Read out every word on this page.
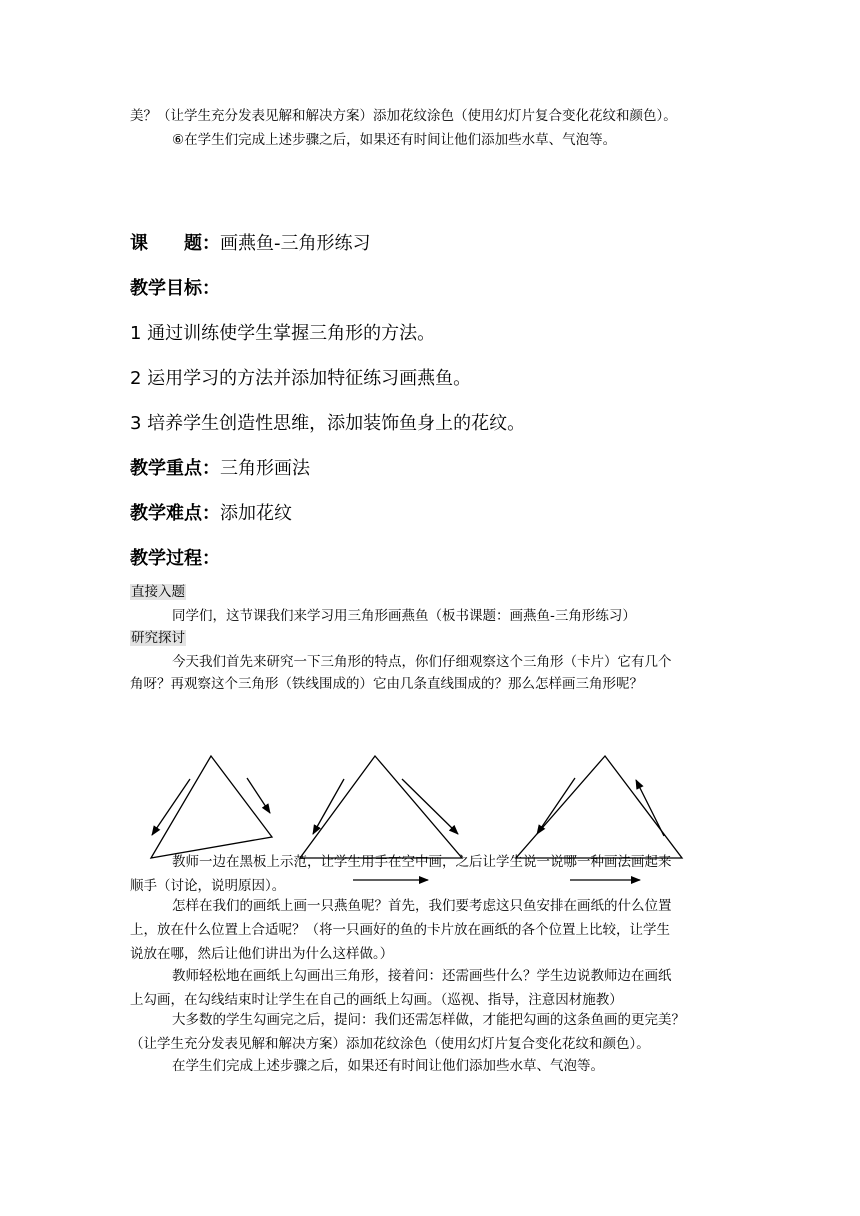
美？（让学生充分发表见解和解决方案）添加花纹涂色（使用幻灯片复合变化花纹和颜色）。
⑥在学生们完成上述步骤之后，如果还有时间让他们添加些水草、气泡等。
课　　题：画燕鱼-三角形练习
教学目标：
1 通过训练使学生掌握三角形的方法。
2 运用学习的方法并添加特征练习画燕鱼。
3 培养学生创造性思维，添加装饰鱼身上的花纹。
教学重点：三角形画法
教学难点：添加花纹
教学过程：
直接入题
同学们，这节课我们来学习用三角形画燕鱼（板书课题：画燕鱼-三角形练习）
研究探讨
今天我们首先来研究一下三角形的特点，你们仔细观察这个三角形（卡片）它有几个
角呀？再观察这个三角形（铁线围成的）它由几条直线围成的？那么怎样画三角形呢？
教师一边在黑板上示范，让学生用手在空中画，之后让学生说一说哪一种画法画起来
顺手（讨论，说明原因）。
怎样在我们的画纸上画一只燕鱼呢？首先，我们要考虑这只鱼安排在画纸的什么位置
上，放在什么位置上合适呢？（将一只画好的鱼的卡片放在画纸的各个位置上比较，让学生
说放在哪，然后让他们讲出为什么这样做。）
教师轻松地在画纸上勾画出三角形，接着问：还需画些什么？学生边说教师边在画纸
上勾画，在勾线结束时让学生在自己的画纸上勾画。（巡视、指导，注意因材施教）
大多数的学生勾画完之后，提问：我们还需怎样做，才能把勾画的这条鱼画的更完美？
（让学生充分发表见解和解决方案）添加花纹涂色（使用幻灯片复合变化花纹和颜色）。
在学生们完成上述步骤之后，如果还有时间让他们添加些水草、气泡等。
